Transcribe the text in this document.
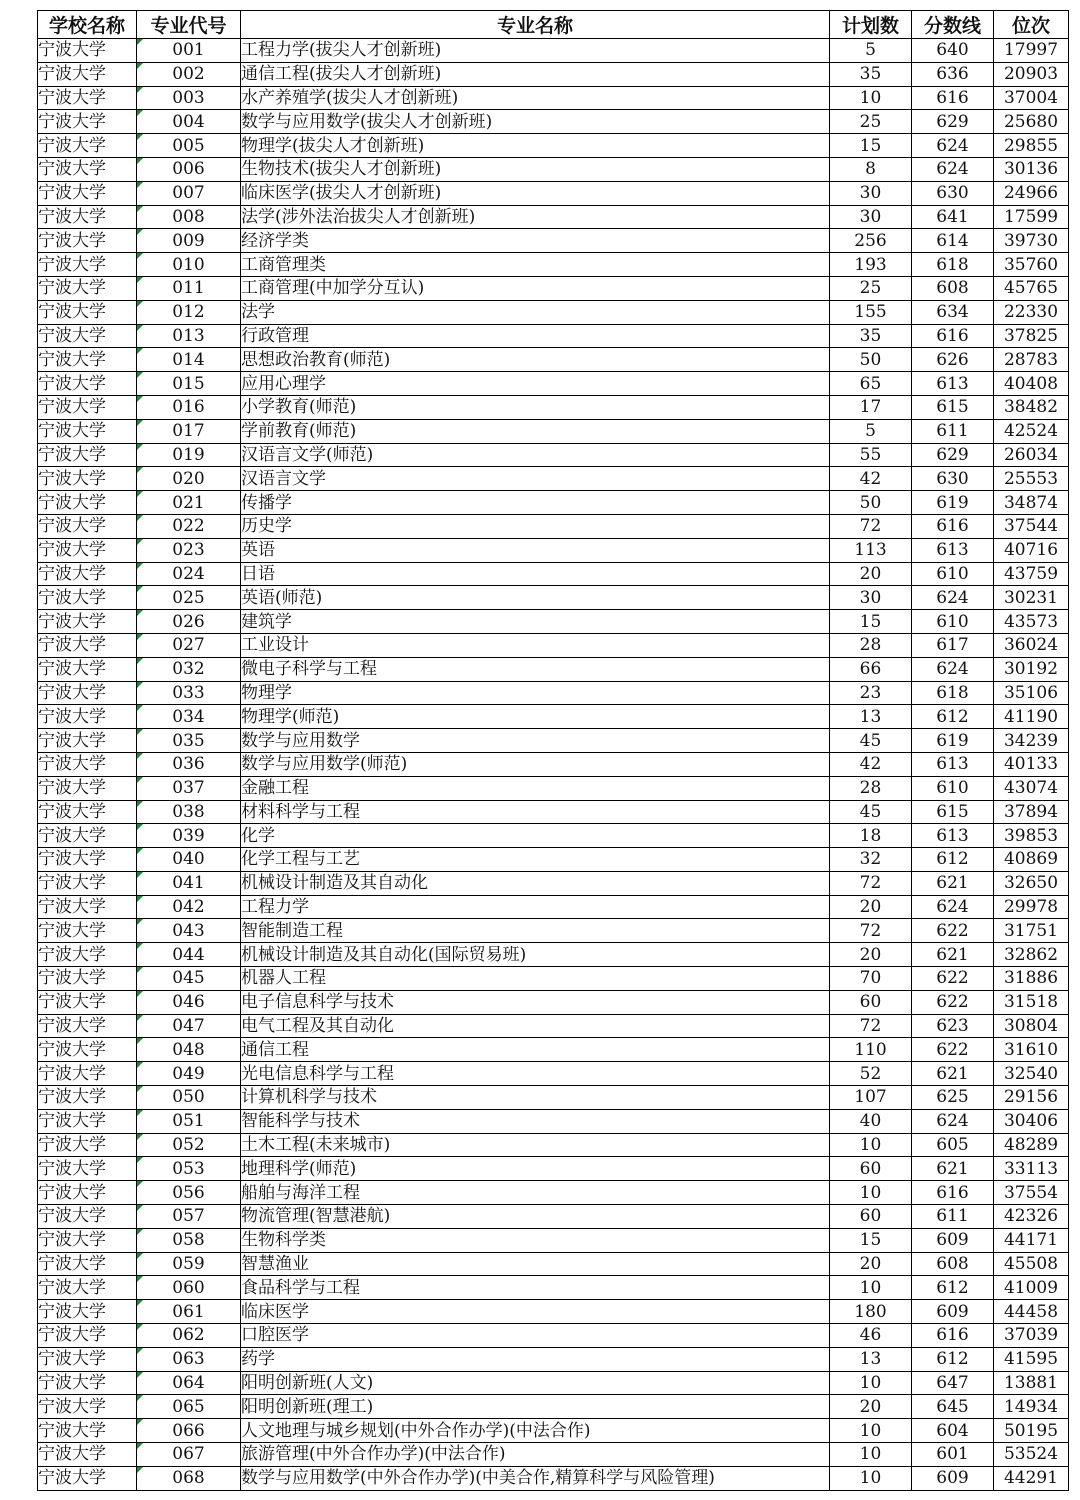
学校名称	专业代号	专业名称	计划数	分数线	位次
宁波大学	001	工程力学(拔尖人才创新班)	5	640	17997
宁波大学	002	通信工程(拔尖人才创新班)	35	636	20903
宁波大学	003	水产养殖学(拔尖人才创新班)	10	616	37004
宁波大学	004	数学与应用数学(拔尖人才创新班)	25	629	25680
宁波大学	005	物理学(拔尖人才创新班)	15	624	29855
宁波大学	006	生物技术(拔尖人才创新班)	8	624	30136
宁波大学	007	临床医学(拔尖人才创新班)	30	630	24966
宁波大学	008	法学(涉外法治拔尖人才创新班)	30	641	17599
宁波大学	009	经济学类	256	614	39730
宁波大学	010	工商管理类	193	618	35760
宁波大学	011	工商管理(中加学分互认)	25	608	45765
宁波大学	012	法学	155	634	22330
宁波大学	013	行政管理	35	616	37825
宁波大学	014	思想政治教育(师范)	50	626	28783
宁波大学	015	应用心理学	65	613	40408
宁波大学	016	小学教育(师范)	17	615	38482
宁波大学	017	学前教育(师范)	5	611	42524
宁波大学	019	汉语言文学(师范)	55	629	26034
宁波大学	020	汉语言文学	42	630	25553
宁波大学	021	传播学	50	619	34874
宁波大学	022	历史学	72	616	37544
宁波大学	023	英语	113	613	40716
宁波大学	024	日语	20	610	43759
宁波大学	025	英语(师范)	30	624	30231
宁波大学	026	建筑学	15	610	43573
宁波大学	027	工业设计	28	617	36024
宁波大学	032	微电子科学与工程	66	624	30192
宁波大学	033	物理学	23	618	35106
宁波大学	034	物理学(师范)	13	612	41190
宁波大学	035	数学与应用数学	45	619	34239
宁波大学	036	数学与应用数学(师范)	42	613	40133
宁波大学	037	金融工程	28	610	43074
宁波大学	038	材料科学与工程	45	615	37894
宁波大学	039	化学	18	613	39853
宁波大学	040	化学工程与工艺	32	612	40869
宁波大学	041	机械设计制造及其自动化	72	621	32650
宁波大学	042	工程力学	20	624	29978
宁波大学	043	智能制造工程	72	622	31751
宁波大学	044	机械设计制造及其自动化(国际贸易班)	20	621	32862
宁波大学	045	机器人工程	70	622	31886
宁波大学	046	电子信息科学与技术	60	622	31518
宁波大学	047	电气工程及其自动化	72	623	30804
宁波大学	048	通信工程	110	622	31610
宁波大学	049	光电信息科学与工程	52	621	32540
宁波大学	050	计算机科学与技术	107	625	29156
宁波大学	051	智能科学与技术	40	624	30406
宁波大学	052	土木工程(未来城市)	10	605	48289
宁波大学	053	地理科学(师范)	60	621	33113
宁波大学	056	船舶与海洋工程	10	616	37554
宁波大学	057	物流管理(智慧港航)	60	611	42326
宁波大学	058	生物科学类	15	609	44171
宁波大学	059	智慧渔业	20	608	45508
宁波大学	060	食品科学与工程	10	612	41009
宁波大学	061	临床医学	180	609	44458
宁波大学	062	口腔医学	46	616	37039
宁波大学	063	药学	13	612	41595
宁波大学	064	阳明创新班(人文)	10	647	13881
宁波大学	065	阳明创新班(理工)	20	645	14934
宁波大学	066	人文地理与城乡规划(中外合作办学)(中法合作)	10	604	50195
宁波大学	067	旅游管理(中外合作办学)(中法合作)	10	601	53524
宁波大学	068	数学与应用数学(中外合作办学)(中美合作,精算科学与风险管理)	10	609	44291
